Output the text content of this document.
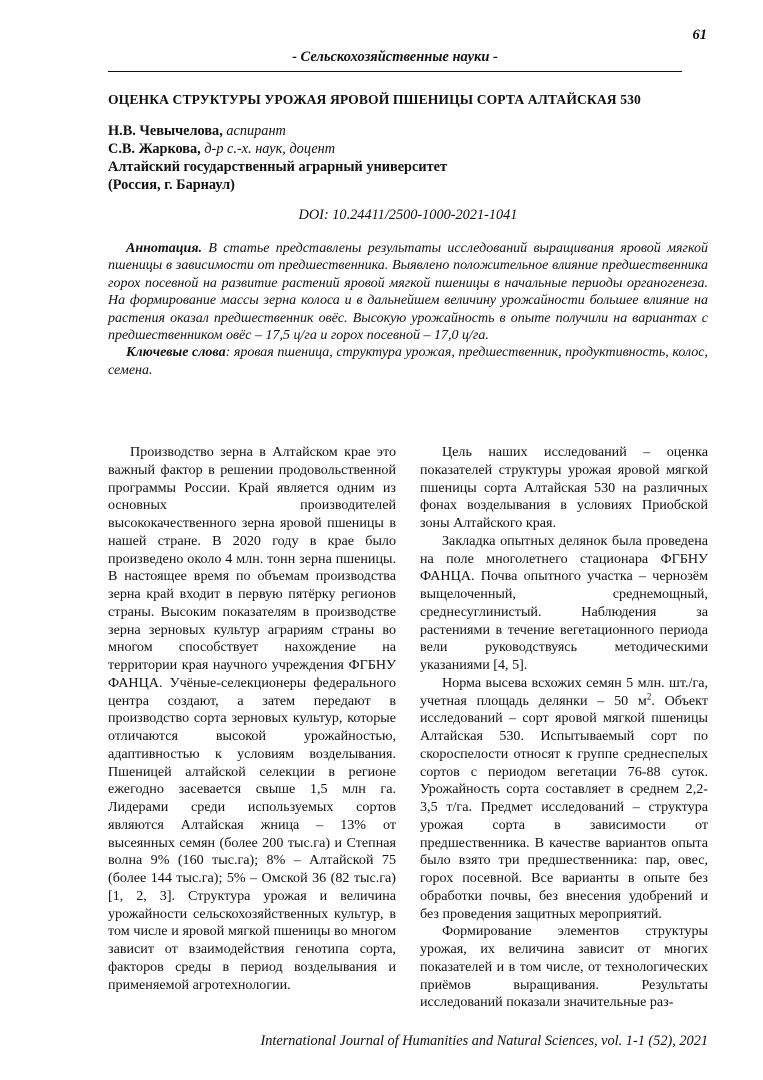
61
- Сельскохозяйственные науки -
ОЦЕНКА СТРУКТУРЫ УРОЖАЯ ЯРОВОЙ ПШЕНИЦЫ СОРТА АЛТАЙСКАЯ 530
Н.В. Чевычелова, аспирант
С.В. Жаркова, д-р с.-х. наук, доцент
Алтайский государственный аграрный университет
(Россия, г. Барнаул)
DOI: 10.24411/2500-1000-2021-1041

Аннотация. В статье представлены результаты исследований выращивания яровой мягкой пшеницы в зависимости от предшественника. Выявлено положительное влияние предшественника горох посевной на развитие растений яровой мягкой пшеницы в начальные периоды органогенеза. На формирование массы зерна колоса и в дальнейшем величину урожайности большее влияние на растения оказал предшественник овёс. Высокую урожайность в опыте получили на вариантах с предшественником овёс – 17,5 ц/га и горох посевной – 17,0 ц/га.

Ключевые слова: яровая пшеница, структура урожая, предшественник, продуктивность, колос, семена.

Производство зерна в Алтайском крае это важный фактор в решении продовольственной программы России. Край является одним из основных производителей высококачественного зерна яровой пшеницы в нашей стране. В 2020 году в крае было произведено около 4 млн. тонн зерна пшеницы. В настоящее время по объемам производства зерна край входит в первую пятёрку регионов страны. Высоким показателям в производстве зерна зерновых культур аграриям страны во многом способствует нахождение на территории края научного учреждения ФГБНУ ФАНЦА. Учёные-селекционеры федерального центра создают, а затем передают в производство сорта зерновых культур, которые отличаются высокой урожайностью, адаптивностью к условиям возделывания. Пшеницей алтайской селекции в регионе ежегодно засевается свыше 1,5 млн га. Лидерами среди используемых сортов являются Алтайская жница – 13% от высеянных семян (более 200 тыс.га) и Степная волна 9% (160 тыс.га); 8% – Алтайской 75 (более 144 тыс.га); 5% – Омской 36 (82 тыс.га) [1, 2, 3]. Структура урожая и величина урожайности сельскохозяйственных культур, в том числе и яровой мягкой пшеницы во многом зависит от взаимодействия генотипа сорта, факторов среды в период возделывания и применяемой агротехнологии.

Цель наших исследований – оценка показателей структуры урожая яровой мягкой пшеницы сорта Алтайская 530 на различных фонах возделывания в условиях Приобской зоны Алтайского края.

Закладка опытных делянок была проведена на поле многолетнего стационара ФГБНУ ФАНЦА. Почва опытного участка – чернозём выщелоченный, среднемощный, среднесуглинистый. Наблюдения за растениями в течение вегетационного периода вели руководствуясь методическими указаниями [4, 5].

Норма высева всхожих семян 5 млн. шт./га, учетная площадь делянки – 50 $м^2$. Объект исследований – сорт яровой мягкой пшеницы Алтайская 530. Испытываемый сорт по скороспелости относят к группе среднеспелых сортов с периодом вегетации 76-88 суток. Урожайность сорта составляет в среднем 2,2-3,5 т/га. Предмет исследований – структура урожая сорта в зависимости от предшественника. В качестве вариантов опыта было взято три предшественника: пар, овес, горох посевной. Все варианты в опыте без обработки почвы, без внесения удобрений и без проведения защитных мероприятий.

Формирование элементов структуры урожая, их величина зависит от многих показателей и в том числе, от технологических приёмов выращивания. Результаты исследований показали значительные раз-

International Journal of Humanities and Natural Sciences, vol. 1-1 (52), 2021
